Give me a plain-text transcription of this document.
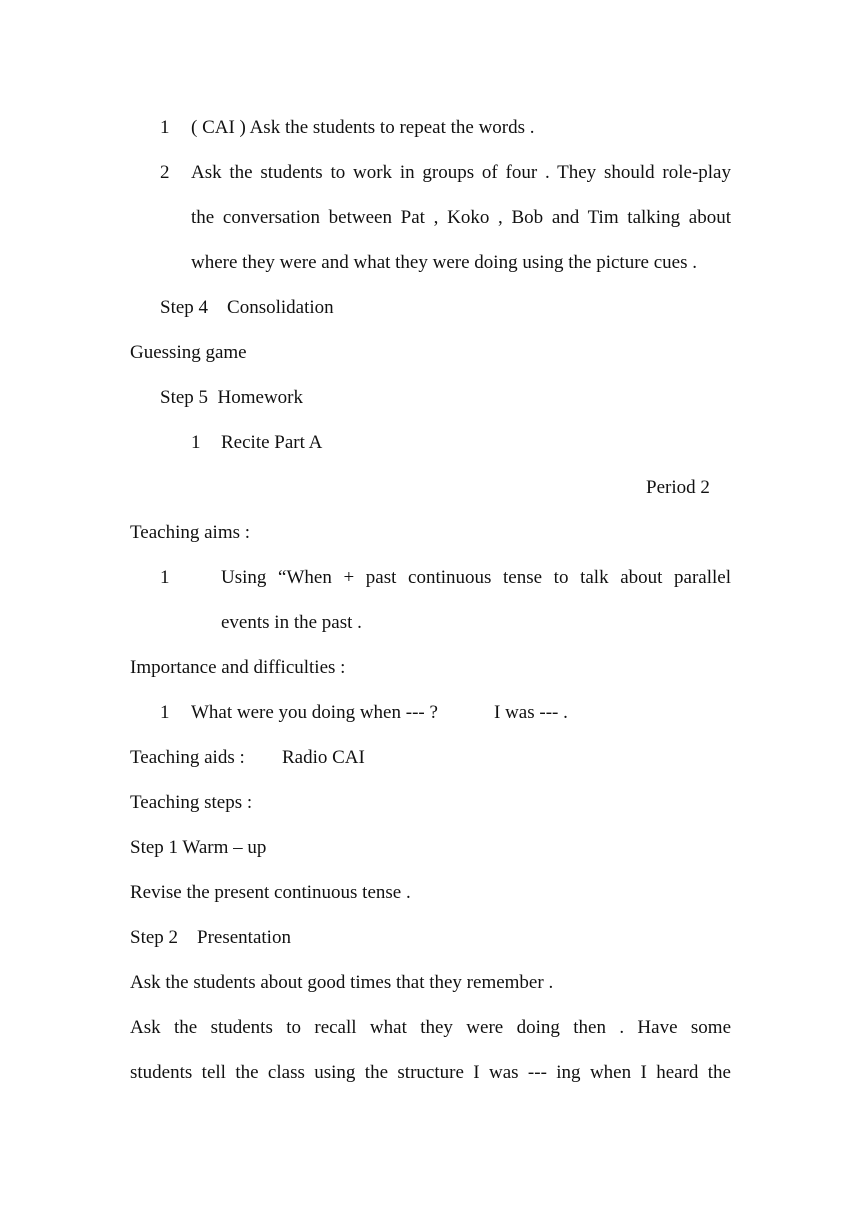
1 ( CAI ) Ask the students to repeat the words .
2 Ask the students to work in groups of four . They should role-play
the conversation between Pat , Koko , Bob and Tim talking about
where they were and what they were doing using the picture cues .
Step 4    Consolidation
Guessing game
Step 5  Homework
1 Recite Part A
Period 2
Teaching aims :
1	Using “When + past continuous tense to talk about parallel
events in the past .
Importance and difficulties :
1 What were you doing when --- ?	I was --- .
Teaching aids : Radio CAI
Teaching steps :
Step 1 Warm – up
Revise the present continuous tense .
Step 2    Presentation
Ask the students about good times that they remember .
Ask the students to recall what they were doing then . Have some
students tell the class using the structure I was --- ing when I heard the
